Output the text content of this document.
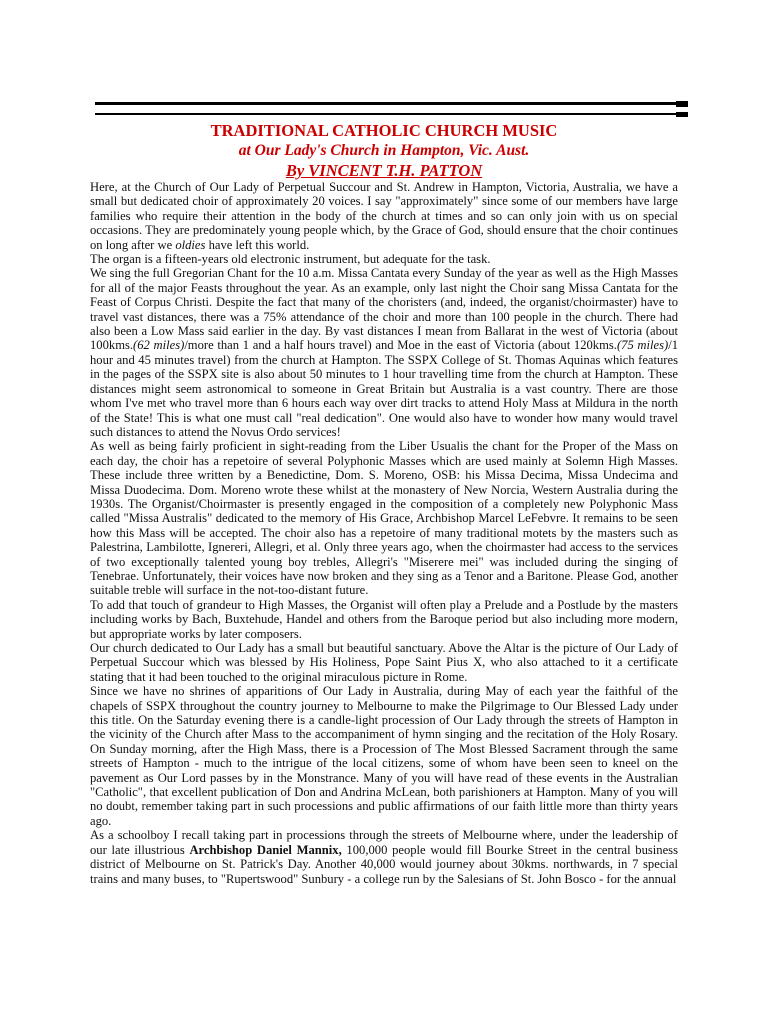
TRADITIONAL CATHOLIC CHURCH MUSIC
at Our Lady's Church in Hampton, Vic. Aust.
By VINCENT T.H. PATTON

Here, at the Church of Our Lady of Perpetual Succour and St. Andrew in Hampton, Victoria, Australia, we have a small but dedicated choir of approximately 20 voices. I say "approximately" since some of our members have large families who require their attention in the body of the church at times and so can only join with us on special occasions. They are predominately young people which, by the Grace of God, should ensure that the choir continues on long after we oldies have left this world.

The organ is a fifteen-years old electronic instrument, but adequate for the task.

We sing the full Gregorian Chant for the 10 a.m. Missa Cantata every Sunday of the year as well as the High Masses for all of the major Feasts throughout the year. As an example, only last night the Choir sang Missa Cantata for the Feast of Corpus Christi. Despite the fact that many of the choristers (and, indeed, the organist/choirmaster) have to travel vast distances, there was a 75% attendance of the choir and more than 100 people in the church. There had also been a Low Mass said earlier in the day. By vast distances I mean from Ballarat in the west of Victoria (about 100kms.(62 miles)/more than 1 and a half hours travel) and Moe in the east of Victoria (about 120kms.(75 miles)/1 hour and 45 minutes travel) from the church at Hampton. The SSPX College of St. Thomas Aquinas which features in the pages of the SSPX site is also about 50 minutes to 1 hour travelling time from the church at Hampton. These distances might seem astronomical to someone in Great Britain but Australia is a vast country. There are those whom I've met who travel more than 6 hours each way over dirt tracks to attend Holy Mass at Mildura in the north of the State! This is what one must call "real dedication". One would also have to wonder how many would travel such distances to attend the Novus Ordo services!

As well as being fairly proficient in sight-reading from the Liber Usualis the chant for the Proper of the Mass on each day, the choir has a repetoire of several Polyphonic Masses which are used mainly at Solemn High Masses. These include three written by a Benedictine, Dom. S. Moreno, OSB: his Missa Decima, Missa Undecima and Missa Duodecima. Dom. Moreno wrote these whilst at the monastery of New Norcia, Western Australia during the 1930s. The Organist/Choirmaster is presently engaged in the composition of a completely new Polyphonic Mass called "Missa Australis" dedicated to the memory of His Grace, Archbishop Marcel LeFebvre. It remains to be seen how this Mass will be accepted. The choir also has a repetoire of many traditional motets by the masters such as Palestrina, Lambilotte, Ignereri, Allegri, et al. Only three years ago, when the choirmaster had access to the services of two exceptionally talented young boy trebles, Allegri's "Miserere mei" was included during the singing of Tenebrae. Unfortunately, their voices have now broken and they sing as a Tenor and a Baritone. Please God, another suitable treble will surface in the not-too-distant future.

To add that touch of grandeur to High Masses, the Organist will often play a Prelude and a Postlude by the masters including works by Bach, Buxtehude, Handel and others from the Baroque period but also including more modern, but appropriate works by later composers.

Our church dedicated to Our Lady has a small but beautiful sanctuary. Above the Altar is the picture of Our Lady of Perpetual Succour which was blessed by His Holiness, Pope Saint Pius X, who also attached to it a certificate stating that it had been touched to the original miraculous picture in Rome.

Since we have no shrines of apparitions of Our Lady in Australia, during May of each year the faithful of the chapels of SSPX throughout the country journey to Melbourne to make the Pilgrimage to Our Blessed Lady under this title. On the Saturday evening there is a candle-light procession of Our Lady through the streets of Hampton in the vicinity of the Church after Mass to the accompaniment of hymn singing and the recitation of the Holy Rosary. On Sunday morning, after the High Mass, there is a Procession of The Most Blessed Sacrament through the same streets of Hampton - much to the intrigue of the local citizens, some of whom have been seen to kneel on the pavement as Our Lord passes by in the Monstrance. Many of you will have read of these events in the Australian "Catholic", that excellent publication of Don and Andrina McLean, both parishioners at Hampton. Many of you will no doubt, remember taking part in such processions and public affirmations of our faith little more than thirty years ago.

As a schoolboy I recall taking part in processions through the streets of Melbourne where, under the leadership of our late illustrious Archbishop Daniel Mannix, 100,000 people would fill Bourke Street in the central business district of Melbourne on St. Patrick's Day. Another 40,000 would journey about 30kms. northwards, in 7 special trains and many buses, to "Rupertswood" Sunbury - a college run by the Salesians of St. John Bosco - for the annual
